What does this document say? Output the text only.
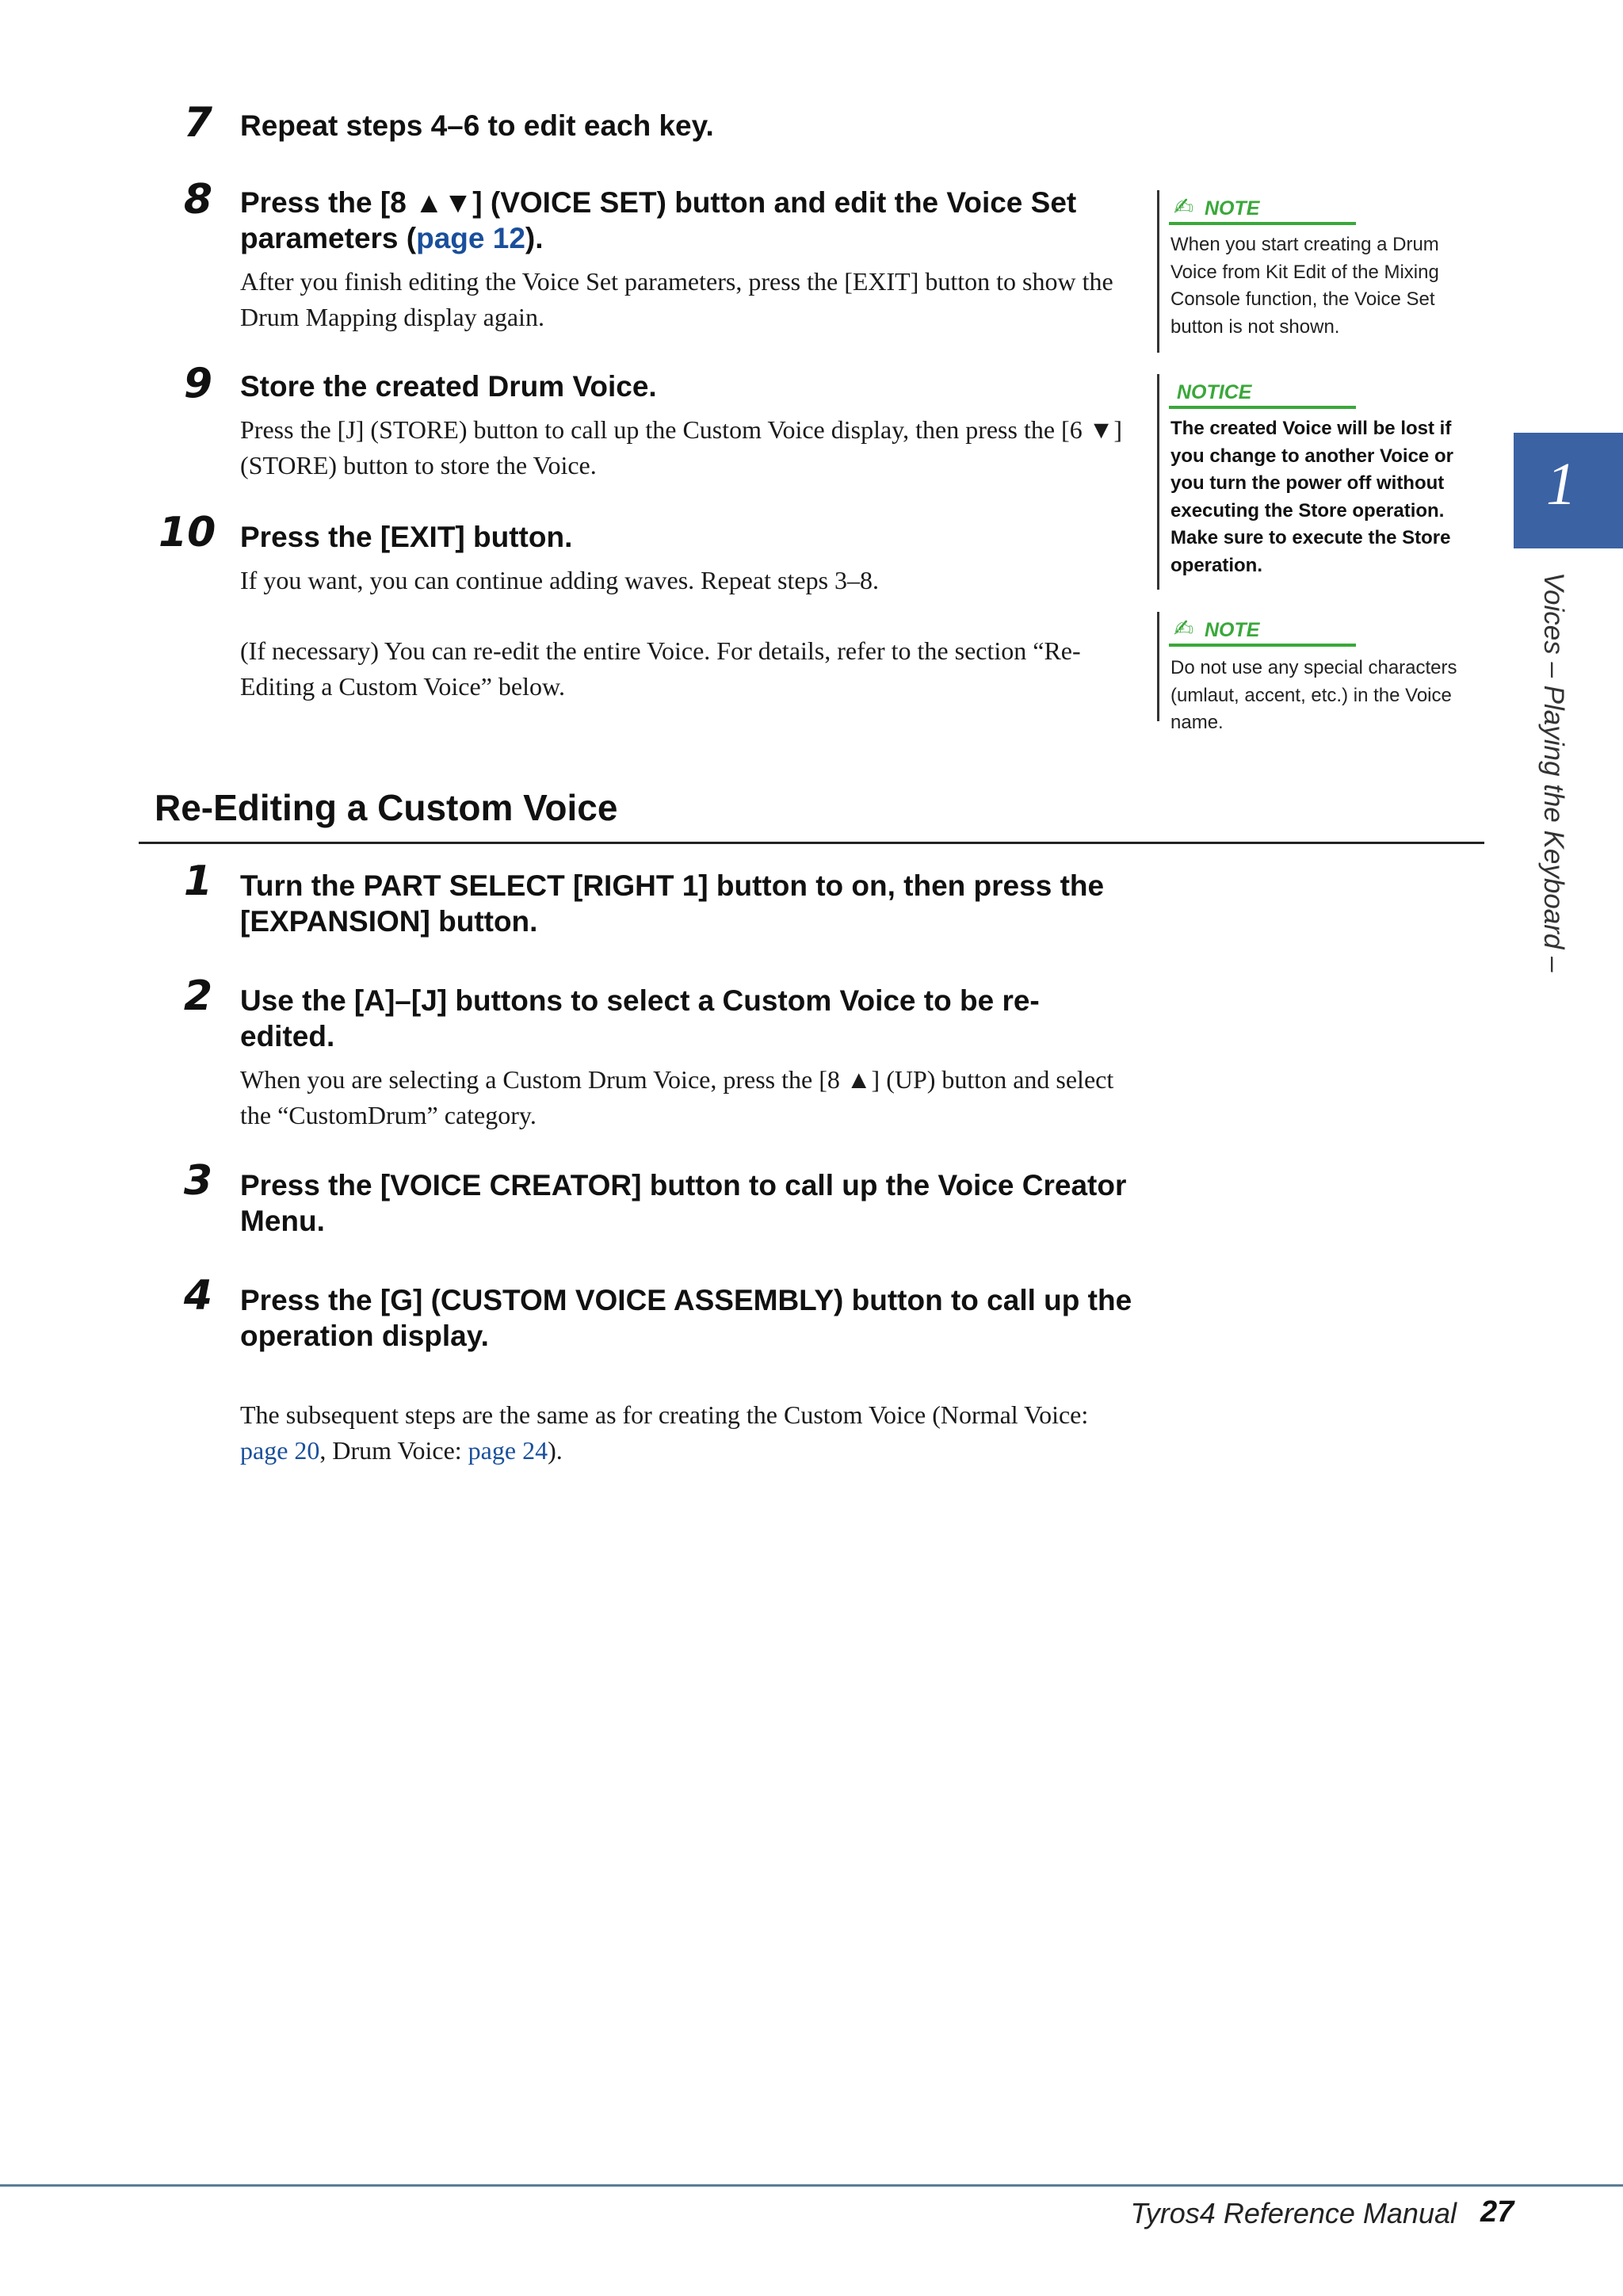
7 Repeat steps 4–6 to edit each key.
8 Press the [8 ▲▼] (VOICE SET) button and edit the Voice Set parameters (page 12).
After you finish editing the Voice Set parameters, press the [EXIT] button to show the Drum Mapping display again.
9 Store the created Drum Voice.
Press the [J] (STORE) button to call up the Custom Voice display, then press the [6 ▼] (STORE) button to store the Voice.
10 Press the [EXIT] button.
If you want, you can continue adding waves. Repeat steps 3–8.
(If necessary) You can re-edit the entire Voice. For details, refer to the section “Re-Editing a Custom Voice” below.
✍ NOTE
When you start creating a Drum Voice from Kit Edit of the Mixing Console function, the Voice Set button is not shown.
NOTICE
The created Voice will be lost if you change to another Voice or you turn the power off without executing the Store operation. Make sure to execute the Store operation.
✍ NOTE
Do not use any special characters (umlaut, accent, etc.) in the Voice name.
Re-Editing a Custom Voice
1 Turn the PART SELECT [RIGHT 1] button to on, then press the [EXPANSION] button.
2 Use the [A]–[J] buttons to select a Custom Voice to be re-edited.
When you are selecting a Custom Drum Voice, press the [8 ▲] (UP) button and select the “CustomDrum” category.
3 Press the [VOICE CREATOR] button to call up the Voice Creator Menu.
4 Press the [G] (CUSTOM VOICE ASSEMBLY) button to call up the operation display.
The subsequent steps are the same as for creating the Custom Voice (Normal Voice: page 20, Drum Voice: page 24).
1
Voices – Playing the Keyboard –
Tyros4 Reference Manual 27
